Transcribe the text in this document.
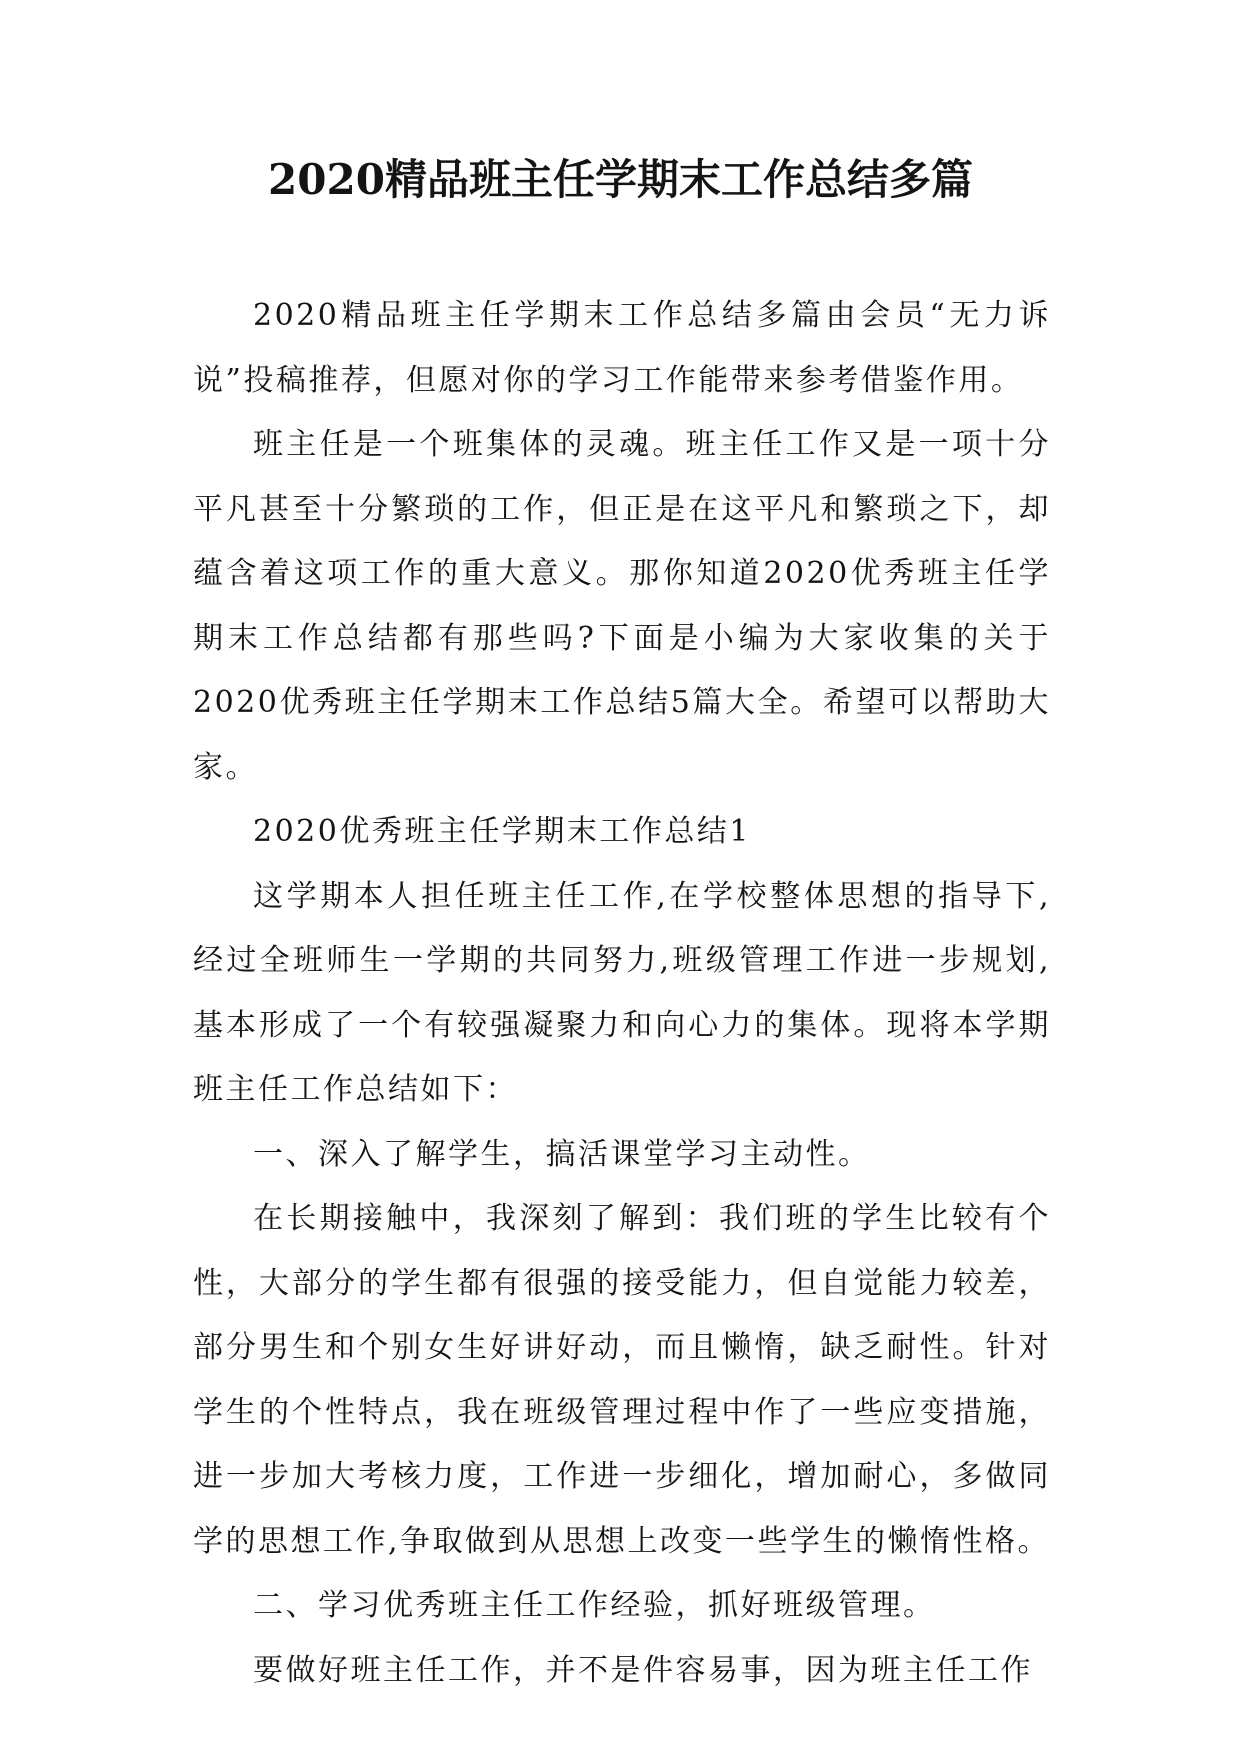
2020精品班主任学期末工作总结多篇

2020精品班主任学期末工作总结多篇由会员“无力诉说”投稿推荐，但愿对你的学习工作能带来参考借鉴作用。

班主任是一个班集体的灵魂。班主任工作又是一项十分平凡甚至十分繁琐的工作，但正是在这平凡和繁琐之下，却蕴含着这项工作的重大意义。那你知道2020优秀班主任学期末工作总结都有那些吗?下面是小编为大家收集的关于2020优秀班主任学期末工作总结5篇大全。希望可以帮助大家。

2020优秀班主任学期末工作总结1

这学期本人担任班主任工作,在学校整体思想的指导下,经过全班师生一学期的共同努力,班级管理工作进一步规划,基本形成了一个有较强凝聚力和向心力的集体。现将本学期班主任工作总结如下：

一、深入了解学生，搞活课堂学习主动性。

在长期接触中，我深刻了解到：我们班的学生比较有个性，大部分的学生都有很强的接受能力，但自觉能力较差，部分男生和个别女生好讲好动，而且懒惰，缺乏耐性。针对学生的个性特点，我在班级管理过程中作了一些应变措施，进一步加大考核力度，工作进一步细化，增加耐心，多做同学的思想工作,争取做到从思想上改变一些学生的懒惰性格。

二、学习优秀班主任工作经验，抓好班级管理。

要做好班主任工作，并不是件容易事，因为班主任工作
